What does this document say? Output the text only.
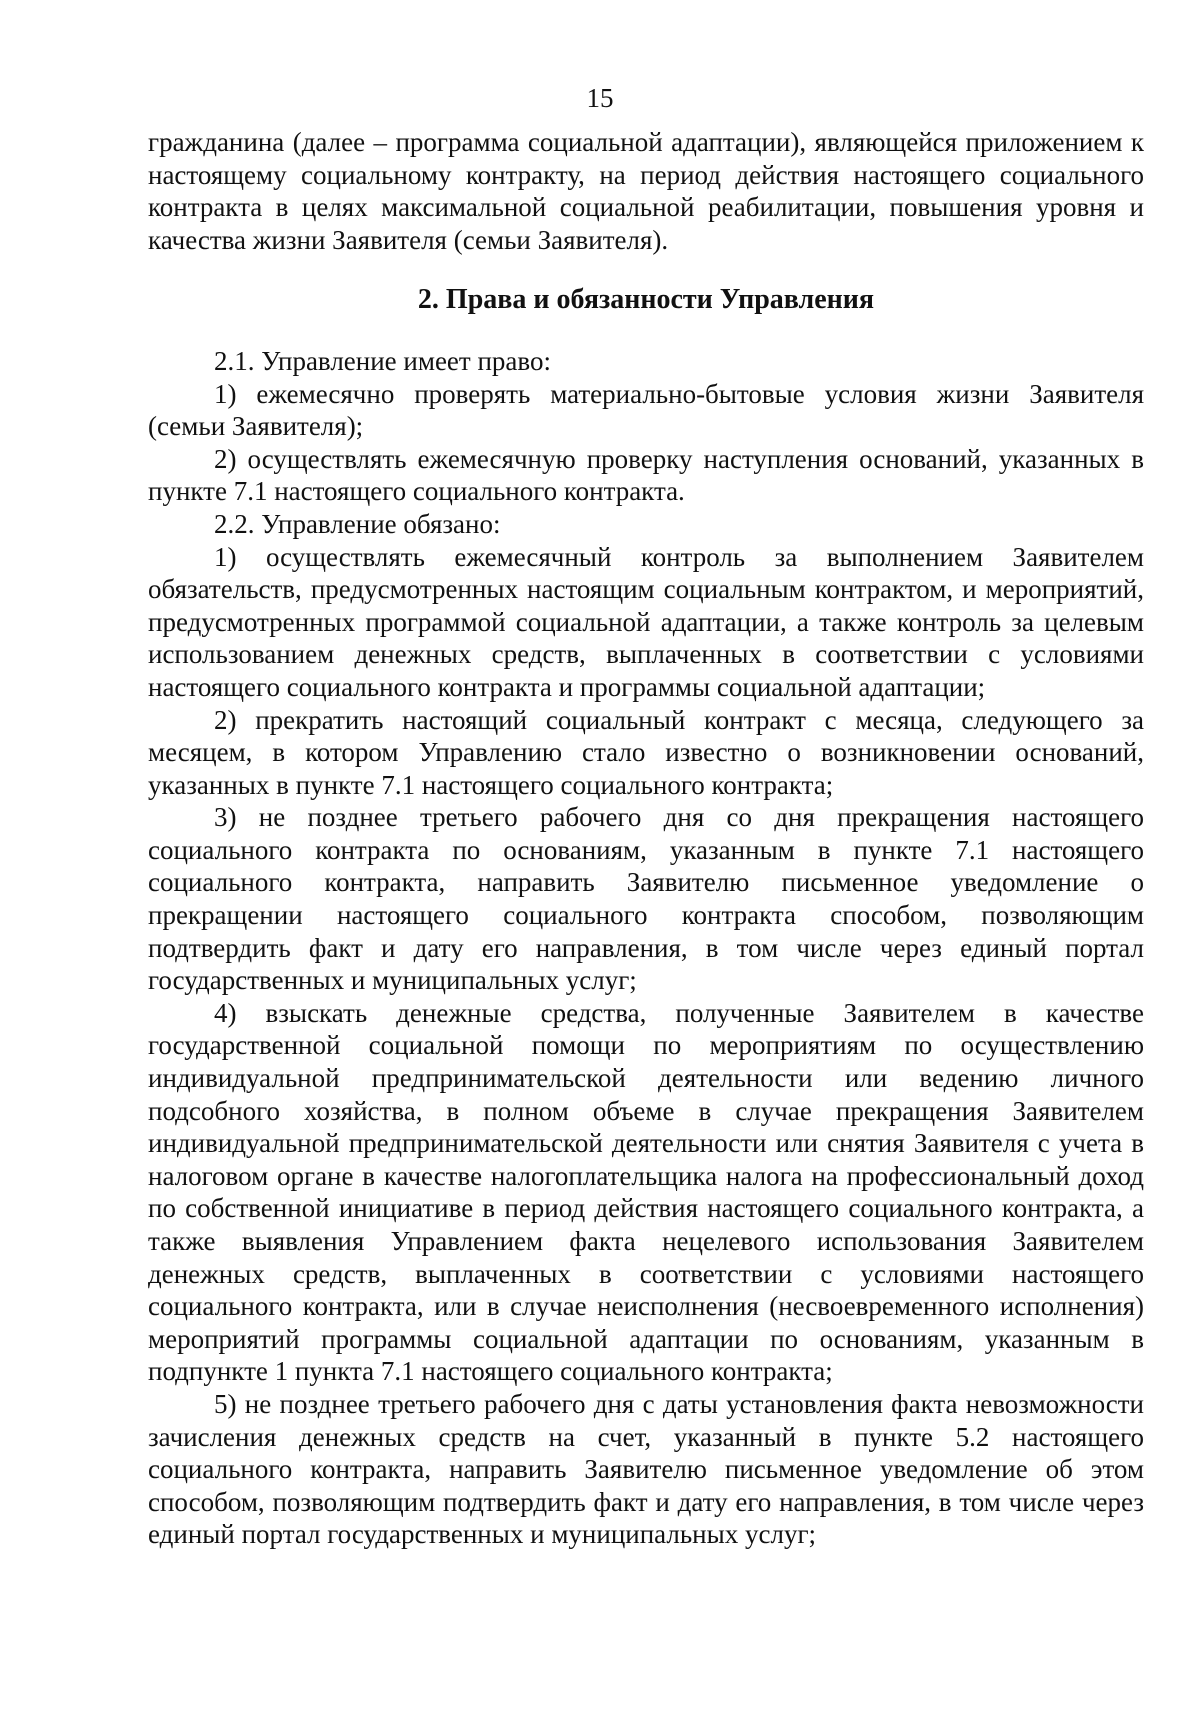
15

гражданина (далее – программа социальной адаптации), являющейся приложением к настоящему социальному контракту, на период действия настоящего социального контракта в целях максимальной социальной реабилитации, повышения уровня и качества жизни Заявителя (семьи Заявителя).

2. Права и обязанности Управления

2.1. Управление имеет право:

1) ежемесячно проверять материально-бытовые условия жизни Заявителя (семьи Заявителя);

2) осуществлять ежемесячную проверку наступления оснований, указанных в пункте 7.1 настоящего социального контракта.

2.2. Управление обязано:

1) осуществлять ежемесячный контроль за выполнением Заявителем обязательств, предусмотренных настоящим социальным контрактом, и мероприятий, предусмотренных программой социальной адаптации, а также контроль за целевым использованием денежных средств, выплаченных в соответствии с условиями настоящего социального контракта и программы социальной адаптации;

2) прекратить настоящий социальный контракт с месяца, следующего за месяцем, в котором Управлению стало известно о возникновении оснований, указанных в пункте 7.1 настоящего социального контракта;

3) не позднее третьего рабочего дня со дня прекращения настоящего социального контракта по основаниям, указанным в пункте 7.1 настоящего социального контракта, направить Заявителю письменное уведомление о прекращении настоящего социального контракта способом, позволяющим подтвердить факт и дату его направления, в том числе через единый портал государственных и муниципальных услуг;

4) взыскать денежные средства, полученные Заявителем в качестве государственной социальной помощи по мероприятиям по осуществлению индивидуальной предпринимательской деятельности или ведению личного подсобного хозяйства, в полном объеме в случае прекращения Заявителем индивидуальной предпринимательской деятельности или снятия Заявителя с учета в налоговом органе в качестве налогоплательщика налога на профессиональный доход по собственной инициативе в период действия настоящего социального контракта, а также выявления Управлением факта нецелевого использования Заявителем денежных средств, выплаченных в соответствии с условиями настоящего социального контракта, или в случае неисполнения (несвоевременного исполнения) мероприятий программы социальной адаптации по основаниям, указанным в подпункте 1 пункта 7.1 настоящего социального контракта;

5) не позднее третьего рабочего дня с даты установления факта невозможности зачисления денежных средств на счет, указанный в пункте 5.2 настоящего социального контракта, направить Заявителю письменное уведомление об этом способом, позволяющим подтвердить факт и дату его направления, в том числе через единый портал государственных и муниципальных услуг;
